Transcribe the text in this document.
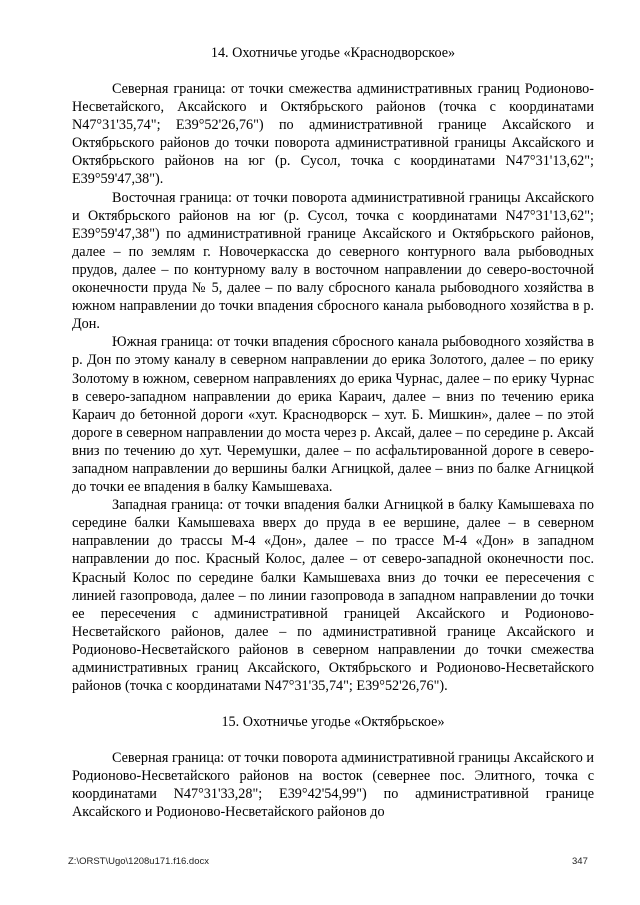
14. Охотничье угодье «Краснодворское»

Северная граница: от точки смежества административных границ Родионово-Несветайского, Аксайского и Октябрьского районов (точка с координатами N47°31'35,74"; E39°52'26,76") по административной границе Аксайского и Октябрьского районов до точки поворота административной границы Аксайского и Октябрьского районов на юг (р. Сусол, точка с координатами N47°31'13,62"; E39°59'47,38").

Восточная граница: от точки поворота административной границы Аксайского и Октябрьского районов на юг (р. Сусол, точка с координатами N47°31'13,62"; E39°59'47,38") по административной границе Аксайского и Октябрьского районов, далее – по землям г. Новочеркасска до северного контурного вала рыбоводных прудов, далее – по контурному валу в восточном направлении до северо-восточной оконечности пруда № 5, далее – по валу сбросного канала рыбоводного хозяйства в южном направлении до точки впадения сбросного канала рыбоводного хозяйства в р. Дон.

Южная граница: от точки впадения сбросного канала рыбоводного хозяйства в р. Дон по этому каналу в северном направлении до ерика Золотого, далее – по ерику Золотому в южном, северном направлениях до ерика Чурнас, далее – по ерику Чурнас в северо-западном направлении до ерика Караич, далее – вниз по течению ерика Караич до бетонной дороги «хут. Краснодворск – хут. Б. Мишкин», далее – по этой дороге в северном направлении до моста через р. Аксай, далее – по середине р. Аксай вниз по течению до хут. Черемушки, далее – по асфальтированной дороге в северо-западном направлении до вершины балки Агницкой, далее – вниз по балке Агницкой до точки ее впадения в балку Камышеваха.

Западная граница: от точки впадения балки Агницкой в балку Камышеваха по середине балки Камышеваха вверх до пруда в ее вершине, далее – в северном направлении до трассы М-4 «Дон», далее – по трассе М-4 «Дон» в западном направлении до пос. Красный Колос, далее – от северо-западной оконечности пос. Красный Колос по середине балки Камышеваха вниз до точки ее пересечения с линией газопровода, далее – по линии газопровода в западном направлении до точки ее пересечения с административной границей Аксайского и Родионово-Несветайского районов, далее – по административной границе Аксайского и Родионово-Несветайского районов в северном направлении до точки смежества административных границ Аксайского, Октябрьского и Родионово-Несветайского районов (точка с координатами N47°31'35,74"; E39°52'26,76").

15. Охотничье угодье «Октябрьское»

Северная граница: от точки поворота административной границы Аксайского и Родионово-Несветайского районов на восток (севернее пос. Элитного, точка с координатами N47°31'33,28"; E39°42'54,99") по административной границе Аксайского и Родионово-Несветайского районов до

Z:\ORST\Ugo\1208u171.f16.docx	347
